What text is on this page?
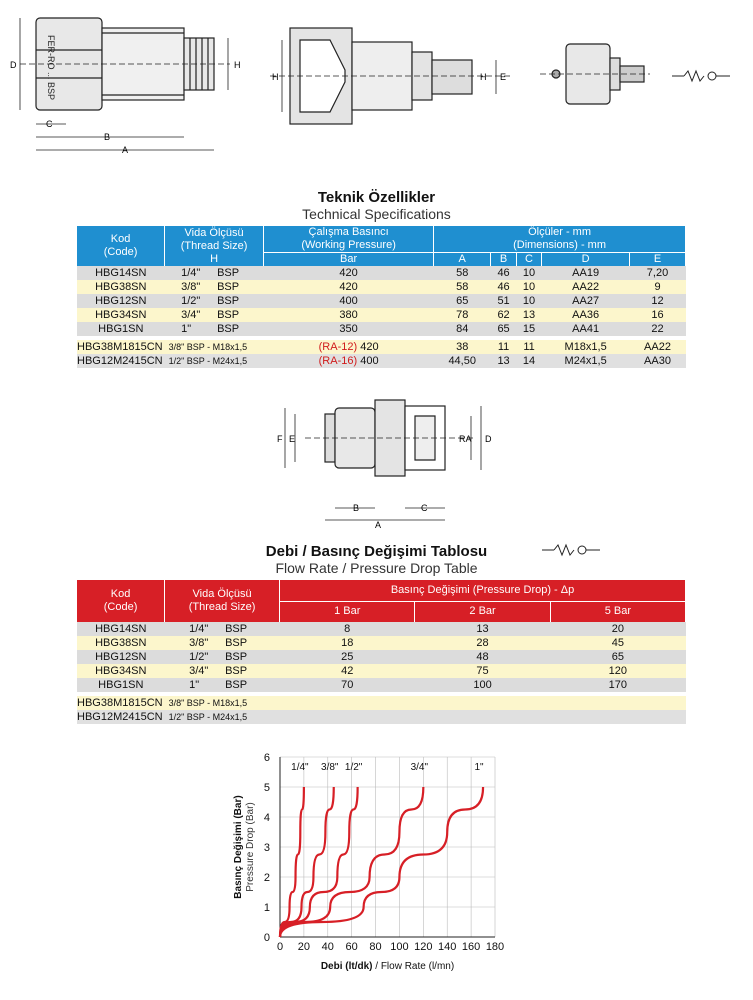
FER-RO ... BSP
D	H
C
B
A
H	E
H
Teknik Özellikler
Technical Specifications
Kod
(Code)	Vida Ölçüsü
(Thread Size)
H	Çalışma Basıncı
(Working Pressure)	Ölçüler - mm
(Dimensions) - mm				
		Bar	A	B	C	D	E
HBG14SN	1/4" BSP	420	58	46	10	AA19	7,20
HBG38SN	3/8" BSP	420	58	46	10	AA22	9
HBG12SN	1/2" BSP	400	65	51	10	AA27	12
HBG34SN	3/4" BSP	380	78	62	13	AA36	16
HBG1SN	1" BSP	350	84	65	15	AA41	22

HBG38M1815CN	3/8" BSP - M18x1,5	(RA-12) 420	38	11	11	M18x1,5	AA22
HBG12M2415CN	1/2" BSP - M24x1,5	(RA-16) 400	44,50	13	14	M24x1,5	AA30
E
F	RA D
B	C
A
Debi / Basınç Değişimi Tablosu
Flow Rate / Pressure Drop Table
Kod
(Code)	Vida Ölçüsü
(Thread Size)	Basınç Değişimi (Pressure Drop) - Δp		
		1 Bar	2 Bar	5 Bar
HBG14SN	1/4" BSP	8	13	20
HBG38SN	3/8" BSP	18	28	45
HBG12SN	1/2" BSP	25	48	65
HBG34SN	3/4" BSP	42	75	120
HBG1SN	1" BSP	70	100	170

HBG38M1815CN	3/8" BSP - M18x1,5			
HBG12M2415CN	1/2" BSP - M24x1,5			
0 20 40 60 80 100 120 140 160 180
0
1
2
3
4
5
6
1/4" 3/8" 1/2"	3/4"	1"
Debi (lt/dk) / Flow Rate (l/mn)
Basınç Değişimi (Bar) Pressure Drop (Bar)
